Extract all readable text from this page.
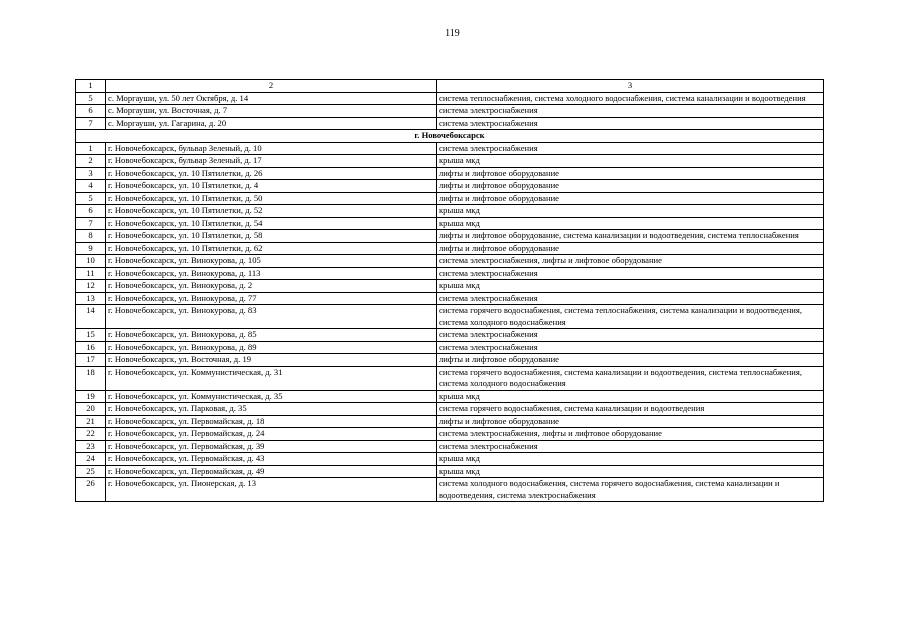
119
1	2	3
5	с. Моргауши, ул. 50 лет Октября, д. 14	система теплоснабжения, система холодного водоснабжения, система канализации и водоотведения
6	с. Моргауши, ул. Восточная, д. 7	система электроснабжения
7	с. Моргауши, ул. Гагарина, д. 20	система электроснабжения
г. Новочебоксарск		
1	г. Новочебоксарск, бульвар Зеленый, д. 10	система электроснабжения
2	г. Новочебоксарск, бульвар Зеленый, д. 17	крыша мкд
3	г. Новочебоксарск, ул. 10 Пятилетки, д. 26	лифты и лифтовое оборудование
4	г. Новочебоксарск, ул. 10 Пятилетки, д. 4	лифты и лифтовое оборудование
5	г. Новочебоксарск, ул. 10 Пятилетки, д. 50	лифты и лифтовое оборудование
6	г. Новочебоксарск, ул. 10 Пятилетки, д. 52	крыша мкд
7	г. Новочебоксарск, ул. 10 Пятилетки, д. 54	крыша мкд
8	г. Новочебоксарск, ул. 10 Пятилетки, д. 58	лифты и лифтовое оборудование, система канализации и водоотведения, система теплоснабжения
9	г. Новочебоксарск, ул. 10 Пятилетки, д. 62	лифты и лифтовое оборудование
10	г. Новочебоксарск, ул. Винокурова, д. 105	система электроснабжения, лифты и лифтовое оборудование
11	г. Новочебоксарск, ул. Винокурова, д. 113	система электроснабжения
12	г. Новочебоксарск, ул. Винокурова, д. 2	крыша мкд
13	г. Новочебоксарск, ул. Винокурова, д. 77	система электроснабжения
14	г. Новочебоксарск, ул. Винокурова, д. 83	система горячего водоснабжения, система теплоснабжения, система канализации и водоотведения, система холодного водоснабжения
15	г. Новочебоксарск, ул. Винокурова, д. 85	система электроснабжения
16	г. Новочебоксарск, ул. Винокурова, д. 89	система электроснабжения
17	г. Новочебоксарск, ул. Восточная, д. 19	лифты и лифтовое оборудование
18	г. Новочебоксарск, ул. Коммунистическая, д. 31	система горячего водоснабжения, система канализации и водоотведения, система теплоснабжения, система холодного водоснабжения
19	г. Новочебоксарск, ул. Коммунистическая, д. 35	крыша мкд
20	г. Новочебоксарск, ул. Парковая, д. 35	система горячего водоснабжения, система канализации и водоотведения
21	г. Новочебоксарск, ул. Первомайская, д. 18	лифты и лифтовое оборудование
22	г. Новочебоксарск, ул. Первомайская, д. 24	система электроснабжения, лифты и лифтовое оборудование
23	г. Новочебоксарск, ул. Первомайская, д. 39	система электроснабжения
24	г. Новочебоксарск, ул. Первомайская, д. 43	крыша мкд
25	г. Новочебоксарск, ул. Первомайская, д. 49	крыша мкд
26	г. Новочебоксарск, ул. Пионерская, д. 13	система холодного водоснабжения, система горячего водоснабжения, система канализации и водоотведения, система электроснабжения
